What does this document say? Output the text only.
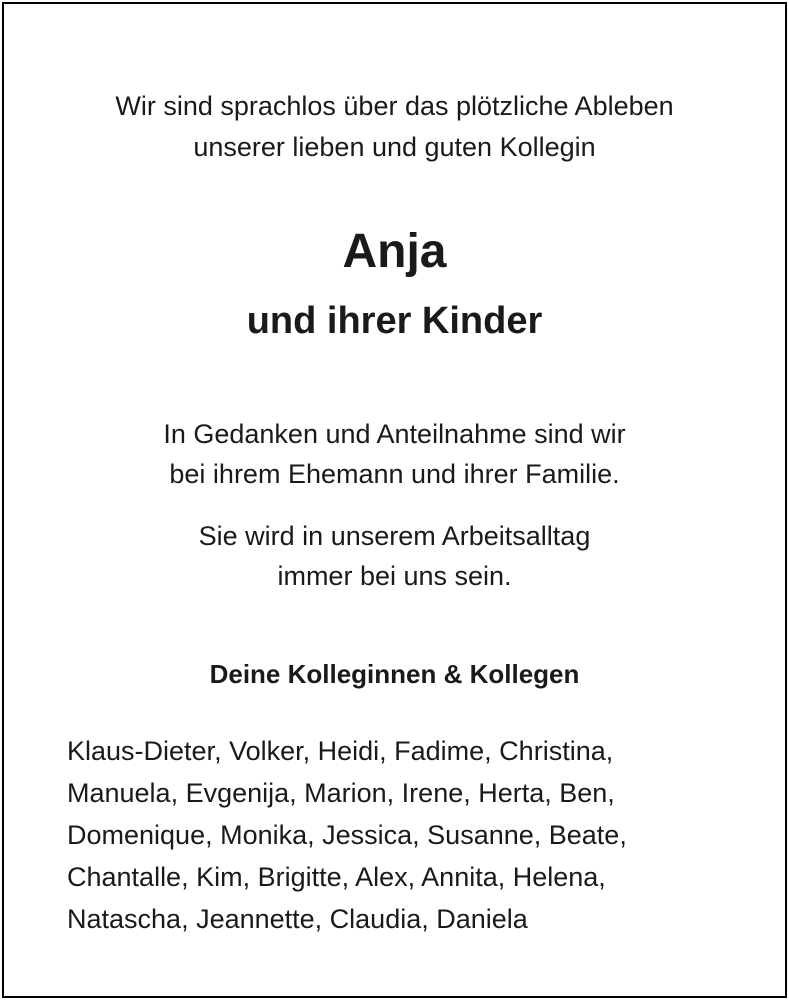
Wir sind sprachlos über das plötzliche Ableben
unserer lieben und guten Kollegin
Anja
und ihrer Kinder
In Gedanken und Anteilnahme sind wir
bei ihrem Ehemann und ihrer Familie.
Sie wird in unserem Arbeitsalltag
immer bei uns sein.
Deine Kolleginnen & Kollegen
Klaus-Dieter, Volker, Heidi, Fadime, Christina,
Manuela, Evgenija, Marion, Irene, Herta, Ben,
Domenique, Monika, Jessica, Susanne, Beate,
Chantalle, Kim, Brigitte, Alex, Annita, Helena,
Natascha, Jeannette, Claudia, Daniela
